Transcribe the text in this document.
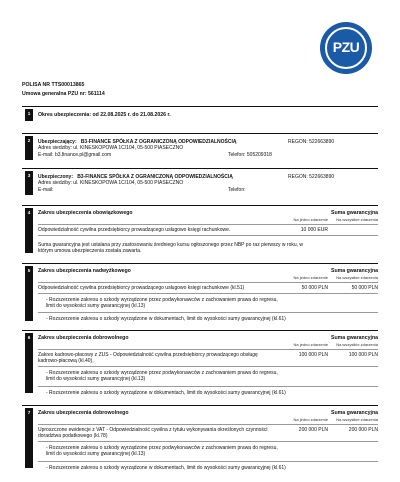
PZU
POLISA NR TTS00013865
Umowa generalna PZU nr: 561114
1	Okres ubezpieczenia: od 22.08.2025 r. do 21.08.2026 r.
2	Ubezpieczający: B3-FINANCE SPÓŁKA Z OGRANICZONĄ ODPOWIEDZIALNOŚCIĄ	REGON: 522663890
Adres siedziby: ul. KINESKOPOWA 1C/104, 05-500 PIASECZNO
E-mail: b3.finance.pl@gmail.com	Telefon: 505209318
3	Ubezpieczony: B3-FINANCE SPÓŁKA Z OGRANICZONĄ ODPOWIEDZIALNOŚCIĄ	REGON: 522663890
Adres siedziby: ul. KINESKOPOWA 1C/104, 05-500 PIASECZNO
E-mail:	Telefon:
4	Zakres ubezpieczenia obowiązkowego	Suma gwarancyjna
Na jedno zdarzenie	Na wszystkie zdarzenia
Odpowiedzialność cywilna przedsiębiorcy prowadzącego usługowo księgi rachunkowe.	10 000 EUR
Suma gwarancyjna jest ustalana przy zastosowaniu średniego kursu ogłoszonego przez NBP po raz pierwszy w roku, w którym umowa ubezpieczenia została zawarta.
5	Zakres ubezpieczenia nadwyżkowego	Suma gwarancyjna
Na jedno zdarzenie	Na wszystkie zdarzenia
Odpowiedzialność cywilna przedsiębiorcy prowadzącego usługowo księgi rachunkowe (kl.51)	50 000 PLN	50 000 PLN
- Rozszerzenie zakresu o szkody wyrządzone przez podwykonawców z zachowaniem prawa do regresu, limit do wysokości sumy gwarancyjnej (kl.13)
- Rozszerzenie zakresu o szkody wyrządzone w dokumentach, limit do wysokości sumy gwarancyjnej (kl.61)
6	Zakres ubezpieczenia dobrowolnego	Suma gwarancyjna
Na jedno zdarzenie	Na wszystkie zdarzenia
Zakres kadrowo-płacowy z ZUS - Odpowiedzialność cywilna przedsiębiorcy prowadzącego obsługę kadrowo-płacową (kl.40),
100 000 PLN	100 000 PLN
- Rozszerzenie zakresu o szkody wyrządzone przez podwykonawców z zachowaniem prawa do regresu, limit do wysokości sumy gwarancyjnej (kl.13)
- Rozszerzenie zakresu o szkody wyrządzone w dokumentach, limit do wysokości sumy gwarancyjnej (kl.61)
7	Zakres ubezpieczenia dobrowolnego	Suma gwarancyjna
Na jedno zdarzenie	Na wszystkie zdarzenia
Uproszczone ewidencje z VAT - Odpowiedzialność cywilna z tytułu wykonywania określonych czynności doradztwa podatkowego (kl.78)
200 000 PLN	200 000 PLN
- Rozszerzenie zakresu o szkody wyrządzone przez podwykonawców z zachowaniem prawa do regresu, limit do wysokości sumy gwarancyjnej (kl.13)
- Rozszerzenie zakresu o szkody wyrządzone w dokumentach, limit do wysokości sumy gwarancyjnej (kl.61)
